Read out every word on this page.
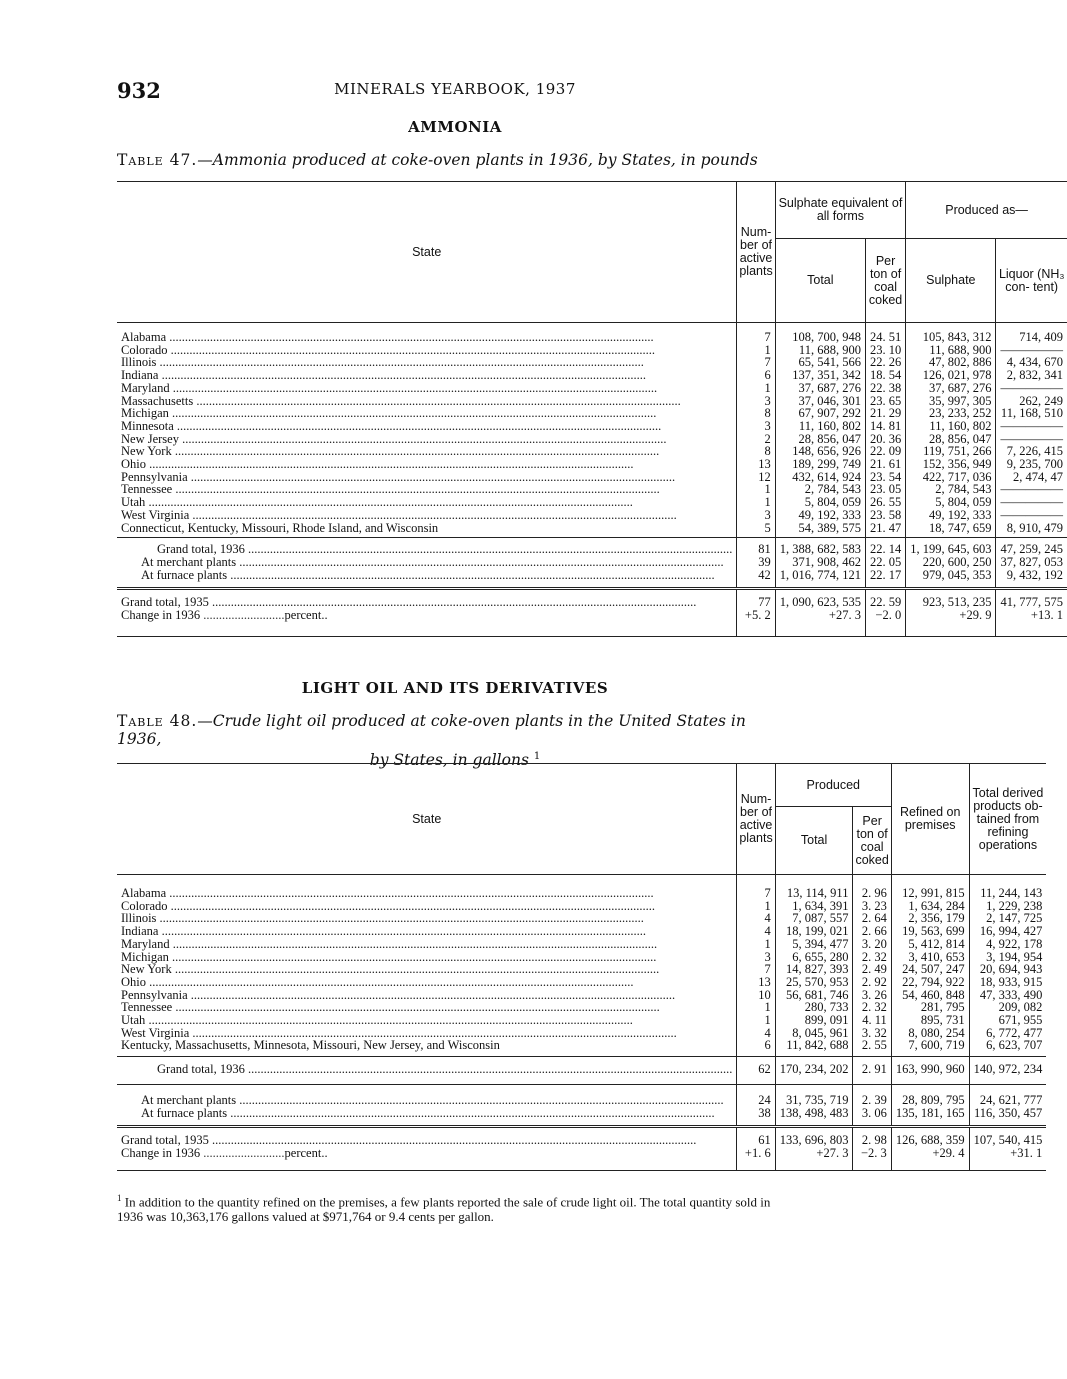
932	MINERALS YEARBOOK, 1937
AMMONIA
Table 47.—Ammonia produced at coke-oven plants in 1936, by States, in pounds
State	Num- ber of active plants	Sulphate equivalent of all forms		Produced as—	
		Total	Per ton of coal coked	Sulphate	Liquor (NH₃ con- tent)

Alabama .....	7	108, 700, 948	24. 51	105, 843, 312	714, 409

Colorado .....	1	11, 688, 900	23. 10	11, 688, 900	—————

Illinois .....	7	65, 541, 566	22. 26	47, 802, 886	4, 434, 670

Indiana .....	6	137, 351, 342	18. 54	126, 021, 978	2, 832, 341

Maryland .....	1	37, 687, 276	22. 38	37, 687, 276	—————

Massachusetts .....	3	37, 046, 301	23. 65	35, 997, 305	262, 249

Michigan .....	8	67, 907, 292	21. 29	23, 233, 252	11, 168, 510

Minnesota .....	3	11, 160, 802	14. 81	11, 160, 802	—————

New Jersey .....	2	28, 856, 047	20. 36	28, 856, 047	—————

New York .....	8	148, 656, 926	22. 09	119, 751, 266	7, 226, 415

Ohio .....	13	189, 299, 749	21. 61	152, 356, 949	9, 235, 700

Pennsylvania .....	12	432, 614, 924	23. 54	422, 717, 036	2, 474, 47

Tennessee .....	1	2, 784, 543	23. 05	2, 784, 543	—————

Utah .....	1	5, 804, 059	26. 55	5, 804, 059	—————

West Virginia .....	3	49, 192, 333	23. 58	49, 192, 333	—————
Connecticut, Kentucky, Missouri, Rhode Island, and Wisconsin	5	54, 389, 575	21. 47	18, 747, 659	8, 910, 479

Grand total, 1936 .....	81	1, 388, 682, 583	22. 14	1, 199, 645, 603	47, 259, 245

At merchant plants .....	39	371, 908, 462	22. 05	220, 600, 250	37, 827, 053

At furnace plants .....	42	1, 016, 774, 121	22. 17	979, 045, 353	9, 432, 192

Grand total, 1935 .....	77	1, 090, 623, 535	22. 59	923, 513, 235	41, 777, 575
Change in 1936 ..........................percent..	+5. 2	+27. 3	−2. 0	+29. 9	+13. 1
LIGHT OIL AND ITS DERIVATIVES
Table 48.—Crude light oil produced at coke-oven plants in the United States in 1936,
by States, in gallons $^1$
State	Num- ber of active plants	Produced		Refined on premises	Total derived products ob- tained from refining operations
		Total	Per ton of coal coked		

Alabama .....	7	13, 114, 911	2. 96	12, 991, 815	11, 244, 143

Colorado .....	1	1, 634, 391	3. 23	1, 634, 284	1, 229, 238

Illinois .....	4	7, 087, 557	2. 64	2, 356, 179	2, 147, 725

Indiana .....	4	18, 199, 021	2. 66	19, 563, 699	16, 994, 427

Maryland .....	1	5, 394, 477	3. 20	5, 412, 814	4, 922, 178

Michigan .....	3	6, 655, 280	2. 32	3, 410, 653	3, 194, 954

New York .....	7	14, 827, 393	2. 49	24, 507, 247	20, 694, 943

Ohio .....	13	25, 570, 953	2. 92	22, 794, 922	18, 933, 915

Pennsylvania .....	10	56, 681, 746	3. 26	54, 460, 848	47, 333, 490

Tennessee .....	1	280, 733	2. 32	281, 795	209, 082

Utah .....	1	899, 091	4. 11	895, 731	671, 955

West Virginia .....	4	8, 045, 961	3. 32	8, 080, 254	6, 772, 477
Kentucky, Massachusetts, Minnesota, Missouri, New Jersey, and Wisconsin	6	11, 842, 688	2. 55	7, 600, 719	6, 623, 707

Grand total, 1936 .....	62	170, 234, 202	2. 91	163, 990, 960	140, 972, 234

At merchant plants .....	24	31, 735, 719	2. 39	28, 809, 795	24, 621, 777

At furnace plants .....	38	138, 498, 483	3. 06	135, 181, 165	116, 350, 457

Grand total, 1935 .....	61	133, 696, 803	2. 98	126, 688, 359	107, 540, 415
Change in 1936 ..........................percent..	+1. 6	+27. 3	−2. 3	+29. 4	+31. 1
$^1$ In addition to the quantity refined on the premises, a few plants reported the sale of crude light oil. The total quantity sold in 1936 was 10,363,176 gallons valued at $971,764 or 9.4 cents per gallon.
